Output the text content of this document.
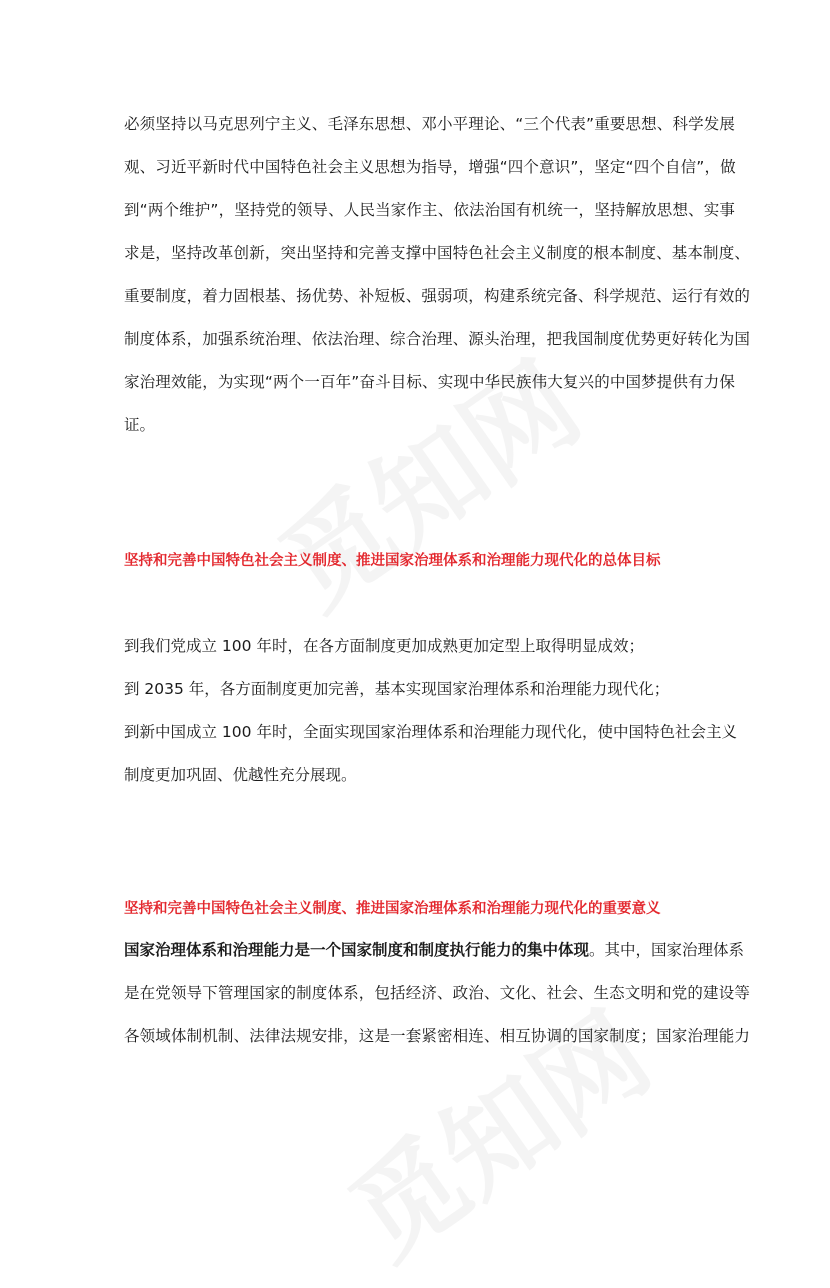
必须坚持以马克思列宁主义、毛泽东思想、邓小平理论、“三个代表”重要思想、科学发展

观、习近平新时代中国特色社会主义思想为指导，增强“四个意识”，坚定“四个自信”，做

到“两个维护”，坚持党的领导、人民当家作主、依法治国有机统一，坚持解放思想、实事

求是，坚持改革创新，突出坚持和完善支撑中国特色社会主义制度的根本制度、基本制度、

重要制度，着力固根基、扬优势、补短板、强弱项，构建系统完备、科学规范、运行有效的

制度体系，加强系统治理、依法治理、综合治理、源头治理，把我国制度优势更好转化为国

家治理效能，为实现“两个一百年”奋斗目标、实现中华民族伟大复兴的中国梦提供有力保

证。

坚持和完善中国特色社会主义制度、推进国家治理体系和治理能力现代化的总体目标

到我们党成立 100 年时，在各方面制度更加成熟更加定型上取得明显成效；

到 2035 年，各方面制度更加完善，基本实现国家治理体系和治理能力现代化；

到新中国成立 100 年时，全面实现国家治理体系和治理能力现代化，使中国特色社会主义

制度更加巩固、优越性充分展现。

坚持和完善中国特色社会主义制度、推进国家治理体系和治理能力现代化的重要意义

国家治理体系和治理能力是一个国家制度和制度执行能力的集中体现。其中，国家治理体系

是在党领导下管理国家的制度体系，包括经济、政治、文化、社会、生态文明和党的建设等

各领域体制机制、法律法规安排，这是一套紧密相连、相互协调的国家制度；国家治理能力
